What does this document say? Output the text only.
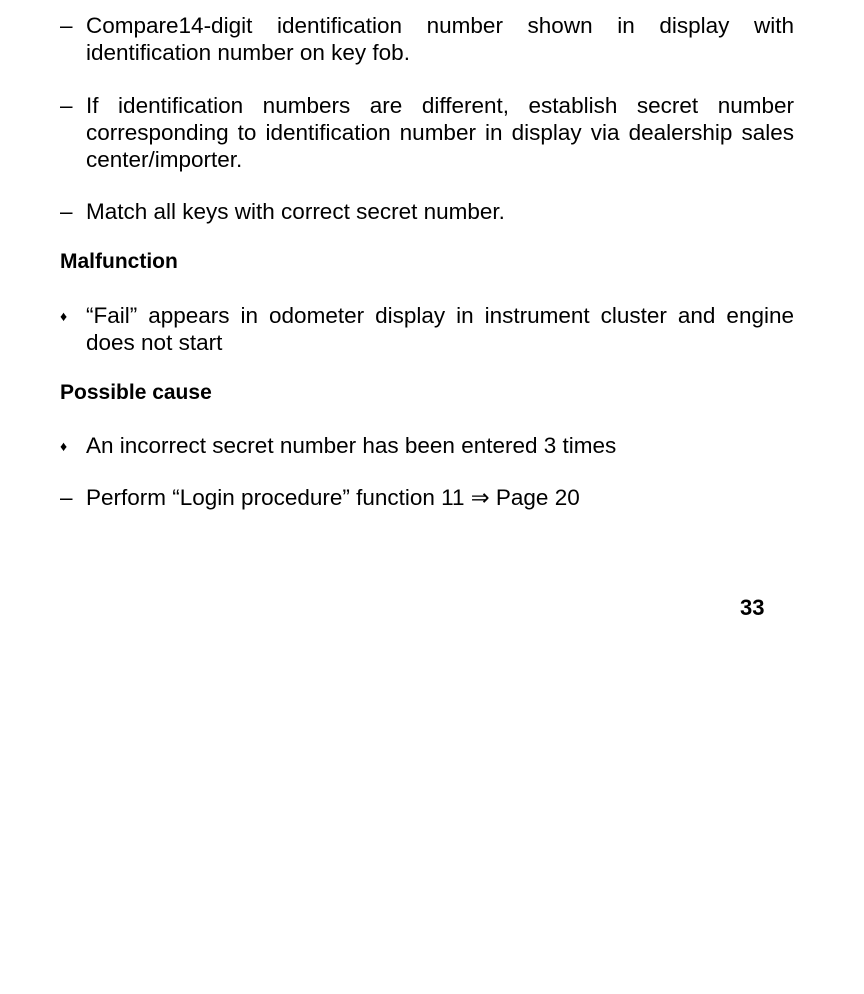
– Compare14-digit identification number shown in display with identification number on key fob.
– If identification numbers are different, establish secret number corresponding to identification number in display via dealership sales center/importer.
– Match all keys with correct secret number.
Malfunction
♦ “Fail” appears in odometer display in instrument cluster and engine does not start
Possible cause
♦ An incorrect secret number has been entered 3 times
– Perform “Login procedure” function 11 ⇒ Page 20
33
